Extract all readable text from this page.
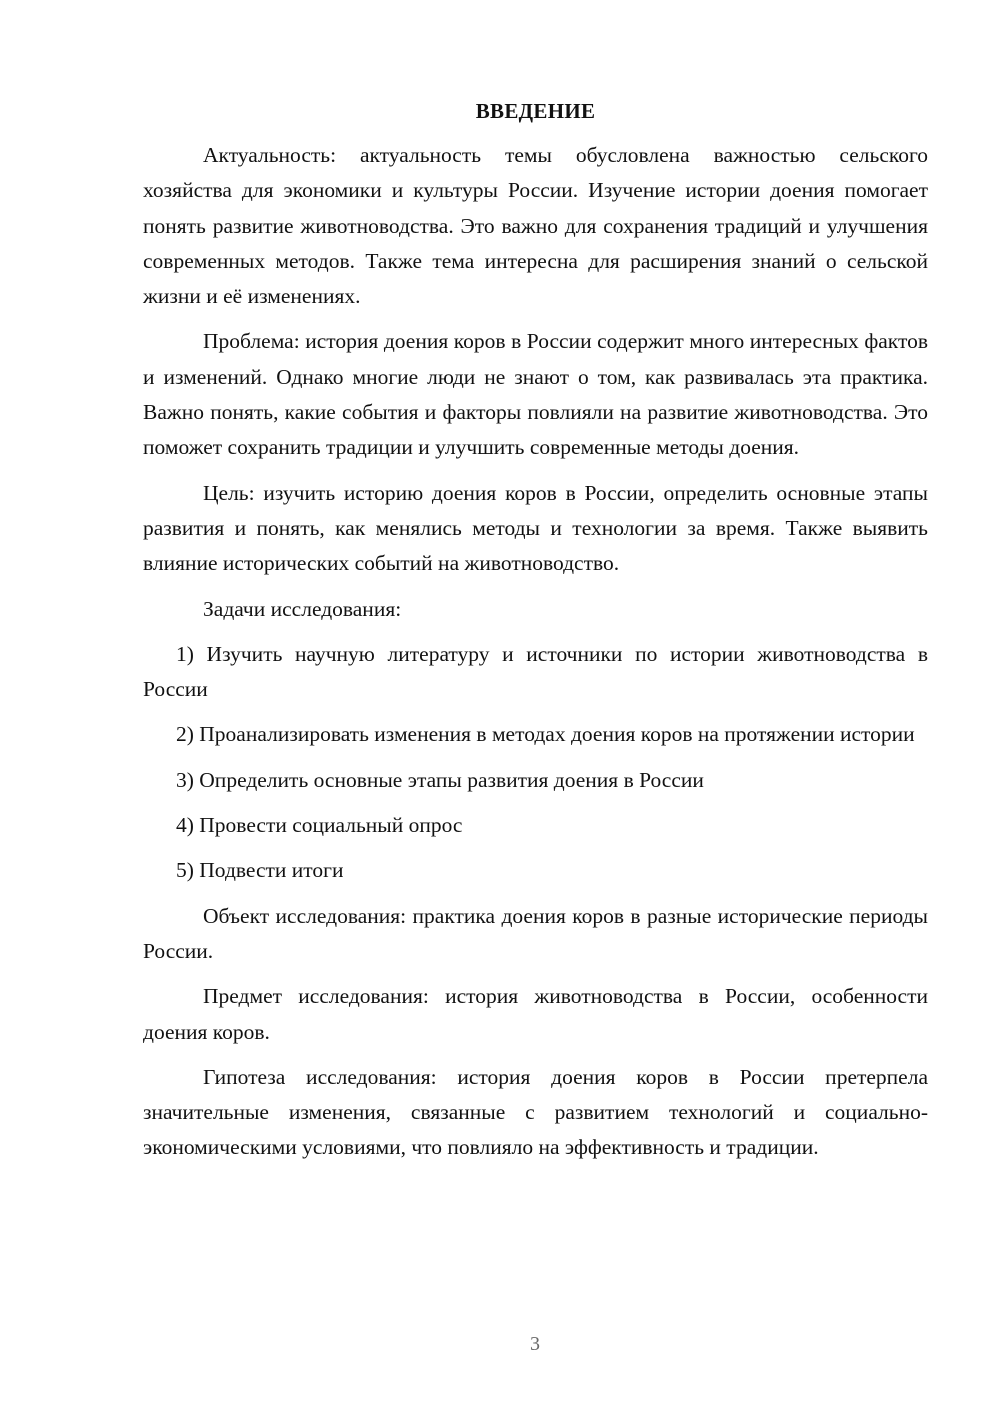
ВВЕДЕНИЕ

Актуальность: актуальность темы обусловлена важностью сельского хозяйства для экономики и культуры России. Изучение истории доения помогает понять развитие животноводства. Это важно для сохранения традиций и улучшения современных методов. Также тема интересна для расширения знаний о сельской жизни и её изменениях.

Проблема: история доения коров в России содержит много интересных фактов и изменений. Однако многие люди не знают о том, как развивалась эта практика. Важно понять, какие события и факторы повлияли на развитие животноводства. Это поможет сохранить традиции и улучшить современные методы доения.

Цель: изучить историю доения коров в России, определить основные этапы развития и понять, как менялись методы и технологии за время. Также выявить влияние исторических событий на животноводство.

Задачи исследования:

1) Изучить научную литературу и источники по истории животноводства в России

2) Проанализировать изменения в методах доения коров на протяжении истории

3) Определить основные этапы развития доения в России

4) Провести социальный опрос

5) Подвести итоги

Объект исследования: практика доения коров в разные исторические периоды России.

Предмет исследования: история животноводства в России, особенности доения коров.

Гипотеза исследования: история доения коров в России претерпела значительные изменения, связанные с развитием технологий и социально-экономическими условиями, что повлияло на эффективность и традиции.

3
